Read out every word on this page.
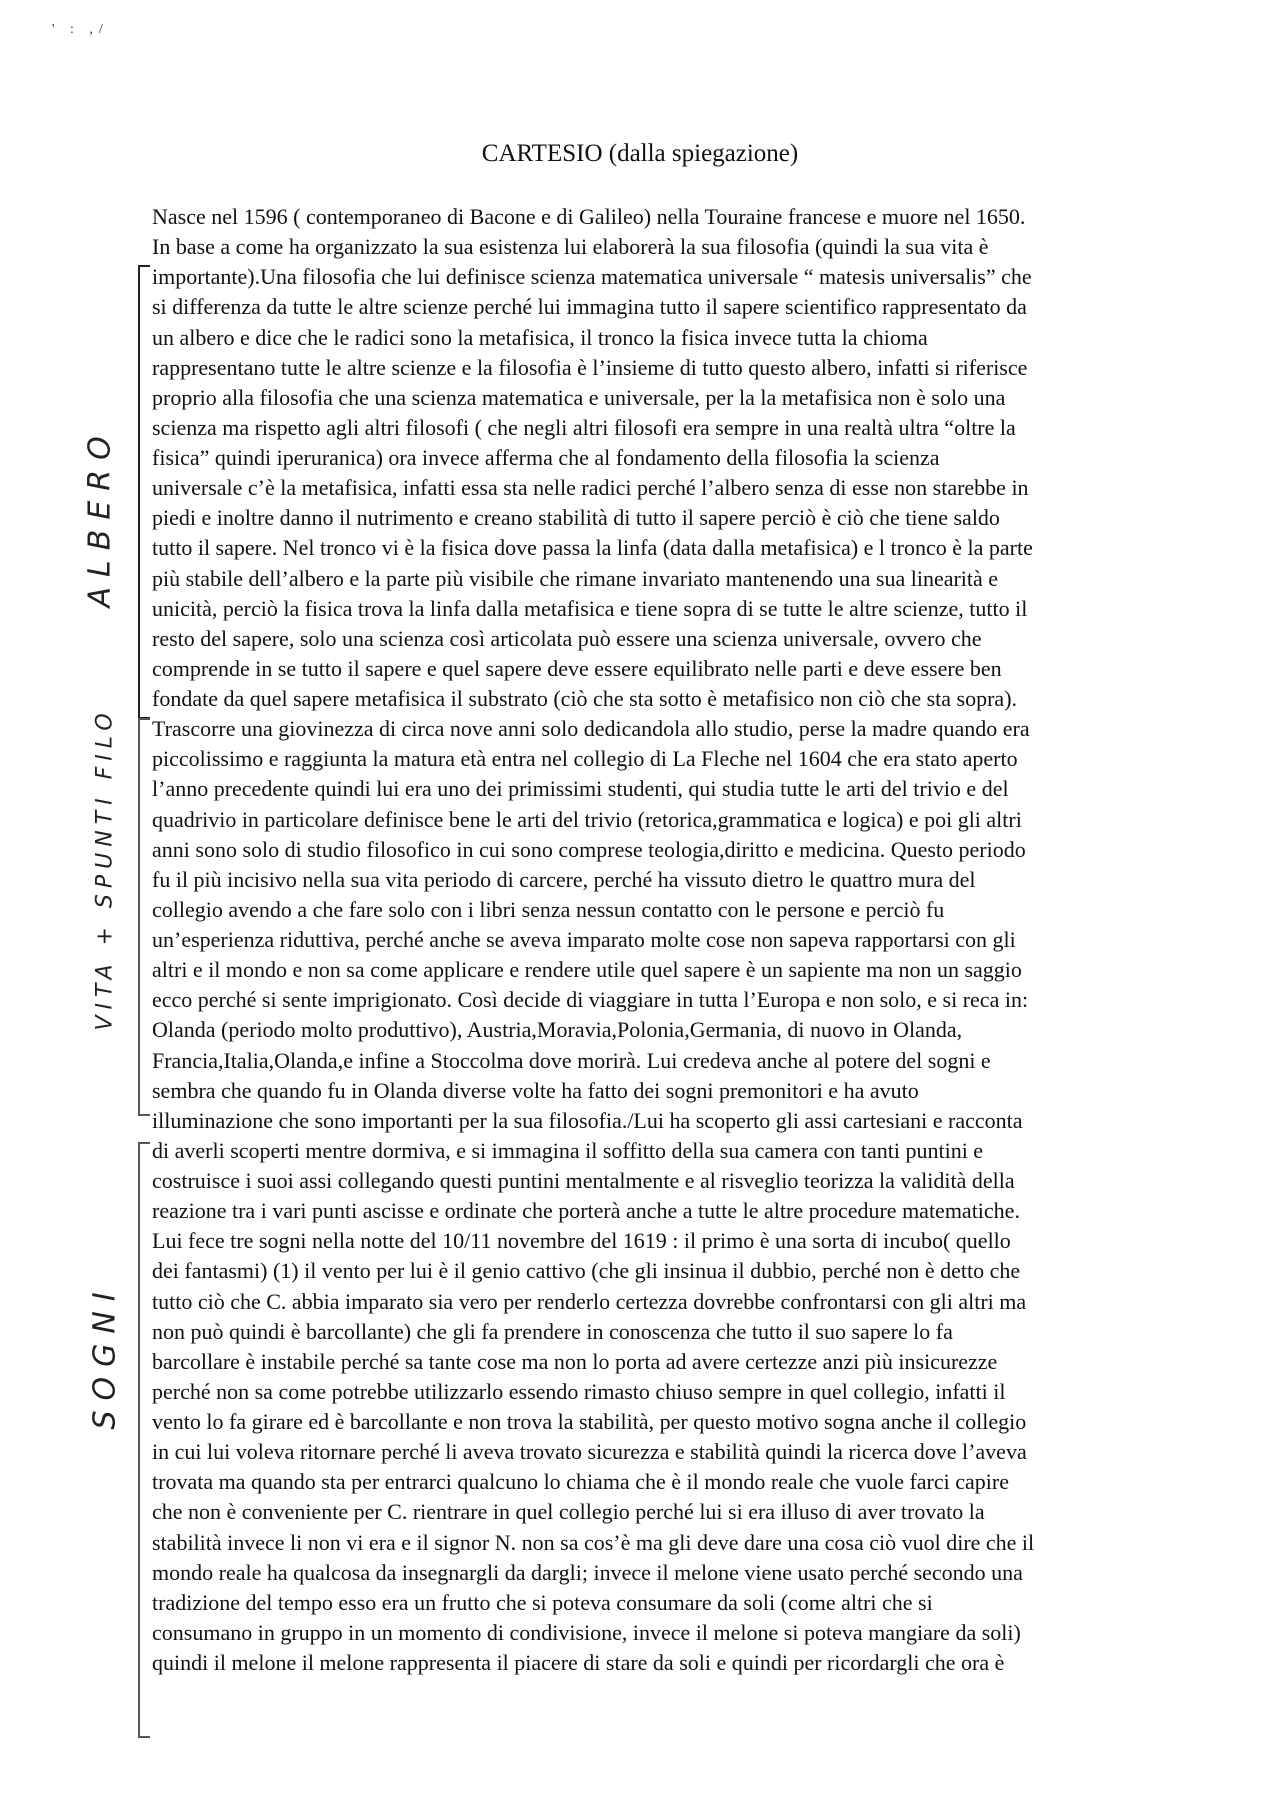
' : ,/
CARTESIO (dalla spiegazione)
ALBERO
VITA + SPUNTI FILO
SOGNI
Nasce nel 1596 ( contemporaneo di Bacone e di Galileo) nella Touraine francese e muore nel 1650.
In base a come ha organizzato la sua esistenza lui elaborerà la sua filosofia (quindi la sua vita è
importante).Una filosofia che lui definisce scienza matematica universale “ matesis universalis” che
si differenza da tutte le altre scienze perché lui immagina tutto il sapere scientifico rappresentato da
un albero e dice che le radici sono la metafisica, il tronco la fisica invece tutta la chioma
rappresentano tutte le altre scienze e la filosofia è l’insieme di tutto questo albero, infatti si riferisce
proprio alla filosofia che una scienza matematica e universale, per la la metafisica non è solo una
scienza ma rispetto agli altri filosofi ( che negli altri filosofi era sempre in una realtà ultra “oltre la
fisica” quindi iperuranica) ora invece afferma che al fondamento della filosofia la scienza
universale c’è la metafisica, infatti essa sta nelle radici perché l’albero senza di esse non starebbe in
piedi e inoltre danno il nutrimento e creano stabilità di tutto il sapere perciò è ciò che tiene saldo
tutto il sapere. Nel tronco vi è la fisica dove passa la linfa (data dalla metafisica) e l tronco è la parte
più stabile dell’albero e la parte più visibile che rimane invariato mantenendo una sua linearità e
unicità, perciò la fisica trova la linfa dalla metafisica e tiene sopra di se tutte le altre scienze, tutto il
resto del sapere, solo una scienza così articolata può essere una scienza universale, ovvero che
comprende in se tutto il sapere e quel sapere deve essere equilibrato nelle parti e deve essere ben
fondate da quel sapere metafisica il substrato (ciò che sta sotto è metafisico non ciò che sta sopra).
Trascorre una giovinezza di circa nove anni solo dedicandola allo studio, perse la madre quando era
piccolissimo e raggiunta la matura età entra nel collegio di La Fleche nel 1604 che era stato aperto
l’anno precedente quindi lui era uno dei primissimi studenti, qui studia tutte le arti del trivio e del
quadrivio in particolare definisce bene le arti del trivio (retorica,grammatica e logica) e poi gli altri
anni sono solo di studio filosofico in cui sono comprese teologia,diritto e medicina. Questo periodo
fu il più incisivo nella sua vita periodo di carcere, perché ha vissuto dietro le quattro mura del
collegio avendo a che fare solo con i libri senza nessun contatto con le persone e perciò fu
un’esperienza riduttiva, perché anche se aveva imparato molte cose non sapeva rapportarsi con gli
altri e il mondo e non sa come applicare e rendere utile quel sapere è un sapiente ma non un saggio
ecco perché si sente imprigionato. Così decide di viaggiare in tutta l’Europa e non solo, e si reca in:
Olanda (periodo molto produttivo), Austria,Moravia,Polonia,Germania, di nuovo in Olanda,
Francia,Italia,Olanda,e infine a Stoccolma dove morirà. Lui credeva anche al potere del sogni e
sembra che quando fu in Olanda diverse volte ha fatto dei sogni premonitori e ha avuto
illuminazione che sono importanti per la sua filosofia./Lui ha scoperto gli assi cartesiani e racconta
di averli scoperti mentre dormiva, e si immagina il soffitto della sua camera con tanti puntini e
costruisce i suoi assi collegando questi puntini mentalmente e al risveglio teorizza la validità della
reazione tra i vari punti ascisse e ordinate che porterà anche a tutte le altre procedure matematiche.
Lui fece tre sogni nella notte del 10/11 novembre del 1619 : il primo è una sorta di incubo( quello
dei fantasmi) (1) il vento per lui è il genio cattivo (che gli insinua il dubbio, perché non è detto che
tutto ciò che C. abbia imparato sia vero per renderlo certezza dovrebbe confrontarsi con gli altri ma
non può quindi è barcollante) che gli fa prendere in conoscenza che tutto il suo sapere lo fa
barcollare è instabile perché sa tante cose ma non lo porta ad avere certezze anzi più insicurezze
perché non sa come potrebbe utilizzarlo essendo rimasto chiuso sempre in quel collegio, infatti il
vento lo fa girare ed è barcollante e non trova la stabilità, per questo motivo sogna anche il collegio
in cui lui voleva ritornare perché li aveva trovato sicurezza e stabilità quindi la ricerca dove l’aveva
trovata ma quando sta per entrarci qualcuno lo chiama che è il mondo reale che vuole farci capire
che non è conveniente per C. rientrare in quel collegio perché lui si era illuso di aver trovato la
stabilità invece li non vi era e il signor N. non sa cos’è ma gli deve dare una cosa ciò vuol dire che il
mondo reale ha qualcosa da insegnargli da dargli; invece il melone viene usato perché secondo una
tradizione del tempo esso era un frutto che si poteva consumare da soli (come altri che si
consumano in gruppo in un momento di condivisione, invece il melone si poteva mangiare da soli)
quindi il melone il melone rappresenta il piacere di stare da soli e quindi per ricordargli che ora è
